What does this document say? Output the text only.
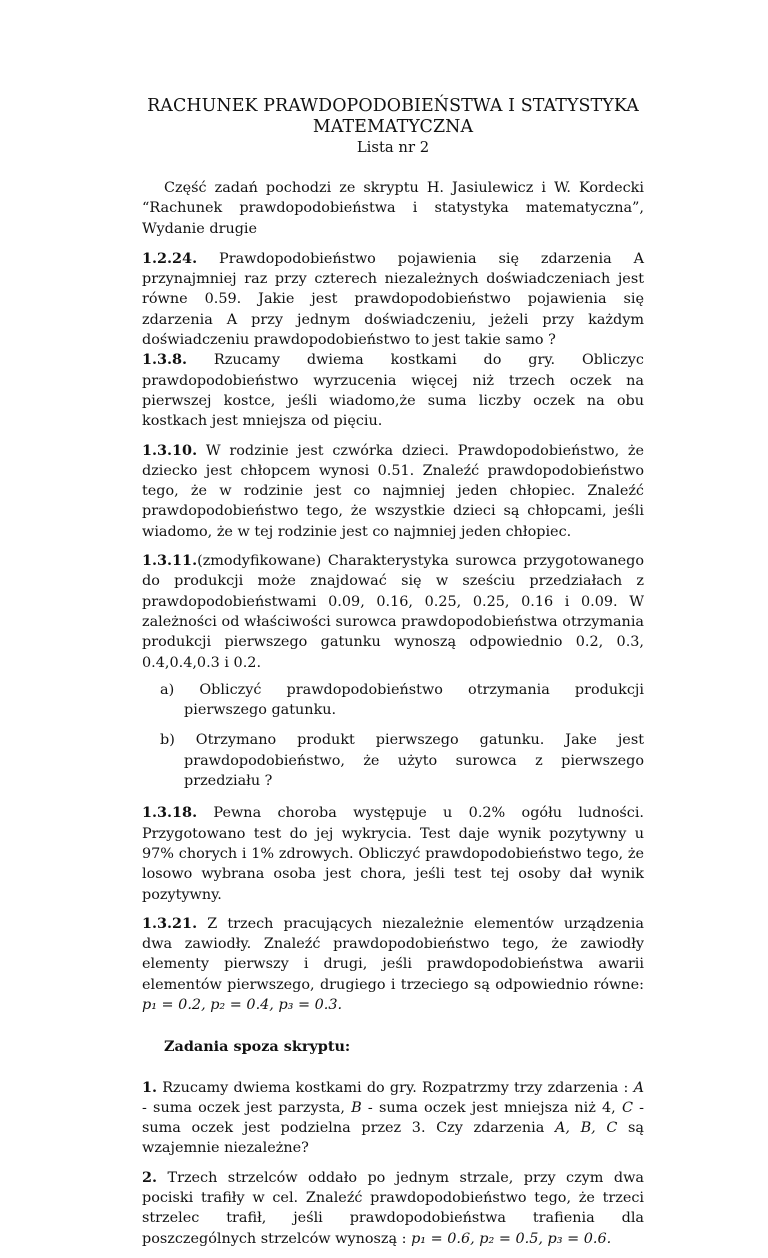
RACHUNEK PRAWDOPODOBIEŃSTWA I STATYSTYKA
MATEMATYCZNA
Lista nr 2

Część zadań pochodzi ze skryptu H. Jasiulewicz i W. Kordecki “Rachunek prawdopodobieństwa i statystyka matematyczna”, Wydanie drugie

1.2.24. Prawdopodobieństwo pojawienia się zdarzenia A przynajmniej raz przy czterech niezależnych doświadczeniach jest równe 0.59. Jakie jest prawdopodobieństwo pojawienia się zdarzenia A przy jednym doświadczeniu, jeżeli przy każdym doświadczeniu prawdopodobieństwo to jest takie samo ?

1.3.8. Rzucamy dwiema kostkami do gry. Obliczyc prawdopodobieństwo wyrzucenia więcej niż trzech oczek na pierwszej kostce, jeśli wiadomo,że suma liczby oczek na obu kostkach jest mniejsza od pięciu.

1.3.10. W rodzinie jest czwórka dzieci. Prawdopodobieństwo, że dziecko jest chłopcem wynosi 0.51. Znaleźć prawdopodobieństwo tego, że w rodzinie jest co najmniej jeden chłopiec. Znaleźć prawdopodobieństwo tego, że wszystkie dzieci są chłopcami, jeśli wiadomo, że w tej rodzinie jest co najmniej jeden chłopiec.

1.3.11.(zmodyfikowane) Charakterystyka surowca przygotowanego do produkcji może znajdować się w sześciu przedziałach z prawdopodobieństwami 0.09, 0.16, 0.25, 0.25, 0.16 i 0.09. W zależności od właściwości surowca prawdopodobieństwa otrzymania produkcji pierwszego gatunku wynoszą odpowiednio 0.2, 0.3, 0.4,0.4,0.3 i 0.2.

a) Obliczyć prawdopodobieństwo otrzymania produkcji pierwszego gatunku.
b) Otrzymano produkt pierwszego gatunku. Jake jest prawdopodobieństwo, że użyto surowca z pierwszego przedziału ?

1.3.18. Pewna choroba występuje u 0.2% ogółu ludności. Przygotowano test do jej wykrycia. Test daje wynik pozytywny u 97% chorych i 1% zdrowych. Obliczyć prawdopodobieństwo tego, że losowo wybrana osoba jest chora, jeśli test tej osoby dał wynik pozytywny.

1.3.21. Z trzech pracujących niezależnie elementów urządzenia dwa zawiodły. Znaleźć prawdopodobieństwo tego, że zawiodły elementy pierwszy i drugi, jeśli prawdopodobieństwa awarii elementów pierwszego, drugiego i trzeciego są odpowiednio równe: p₁ = 0.2, p₂ = 0.4, p₃ = 0.3.

Zadania spoza skryptu:

1. Rzucamy dwiema kostkami do gry. Rozpatrzmy trzy zdarzenia : A - suma oczek jest parzysta, B - suma oczek jest mniejsza niż 4, C - suma oczek jest podzielna przez 3. Czy zdarzenia A, B, C są wzajemnie niezależne?

2. Trzech strzelców oddało po jednym strzale, przy czym dwa pociski trafiły w cel. Znaleźć prawdopodobieństwo tego, że trzeci strzelec trafił, jeśli prawdopodobieństwa trafienia dla poszczególnych strzelców wynoszą : p₁ = 0.6, p₂ = 0.5, p₃ = 0.6.
